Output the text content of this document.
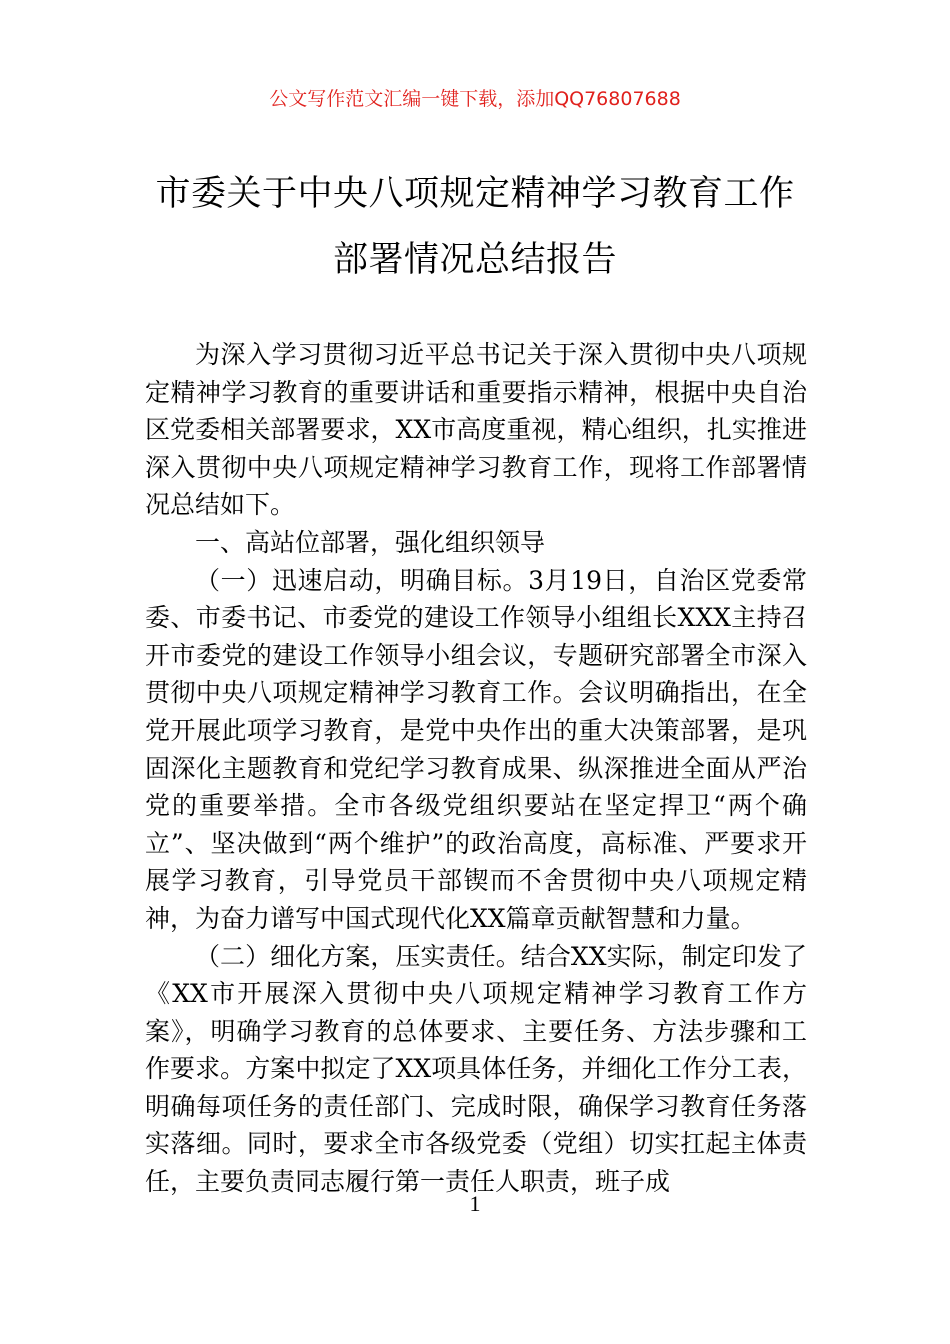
公文写作范文汇编一键下载，添加QQ76807688
市委关于中央八项规定精神学习教育工作
部署情况总结报告

为深入学习贯彻习近平总书记关于深入贯彻中央八项规定精神学习教育的重要讲话和重要指示精神，根据中央自治区党委相关部署要求，XX市高度重视，精心组织，扎实推进深入贯彻中央八项规定精神学习教育工作，现将工作部署情况总结如下。

一、高站位部署，强化组织领导

（一）迅速启动，明确目标。3月19日，自治区党委常委、市委书记、市委党的建设工作领导小组组长XXX主持召开市委党的建设工作领导小组会议，专题研究部署全市深入贯彻中央八项规定精神学习教育工作。会议明确指出，在全党开展此项学习教育，是党中央作出的重大决策部署，是巩固深化主题教育和党纪学习教育成果、纵深推进全面从严治党的重要举措。全市各级党组织要站在坚定捍卫“两个确立”、坚决做到“两个维护”的政治高度，高标准、严要求开展学习教育，引导党员干部锲而不舍贯彻中央八项规定精神，为奋力谱写中国式现代化XX篇章贡献智慧和力量。

（二）细化方案，压实责任。结合XX实际，制定印发了《XX市开展深入贯彻中央八项规定精神学习教育工作方案》，明确学习教育的总体要求、主要任务、方法步骤和工作要求。方案中拟定了XX项具体任务，并细化工作分工表，明确每项任务的责任部门、完成时限，确保学习教育任务落实落细。同时，要求全市各级党委（党组）切实扛起主体责任，主要负责同志履行第一责任人职责，班子成

1
